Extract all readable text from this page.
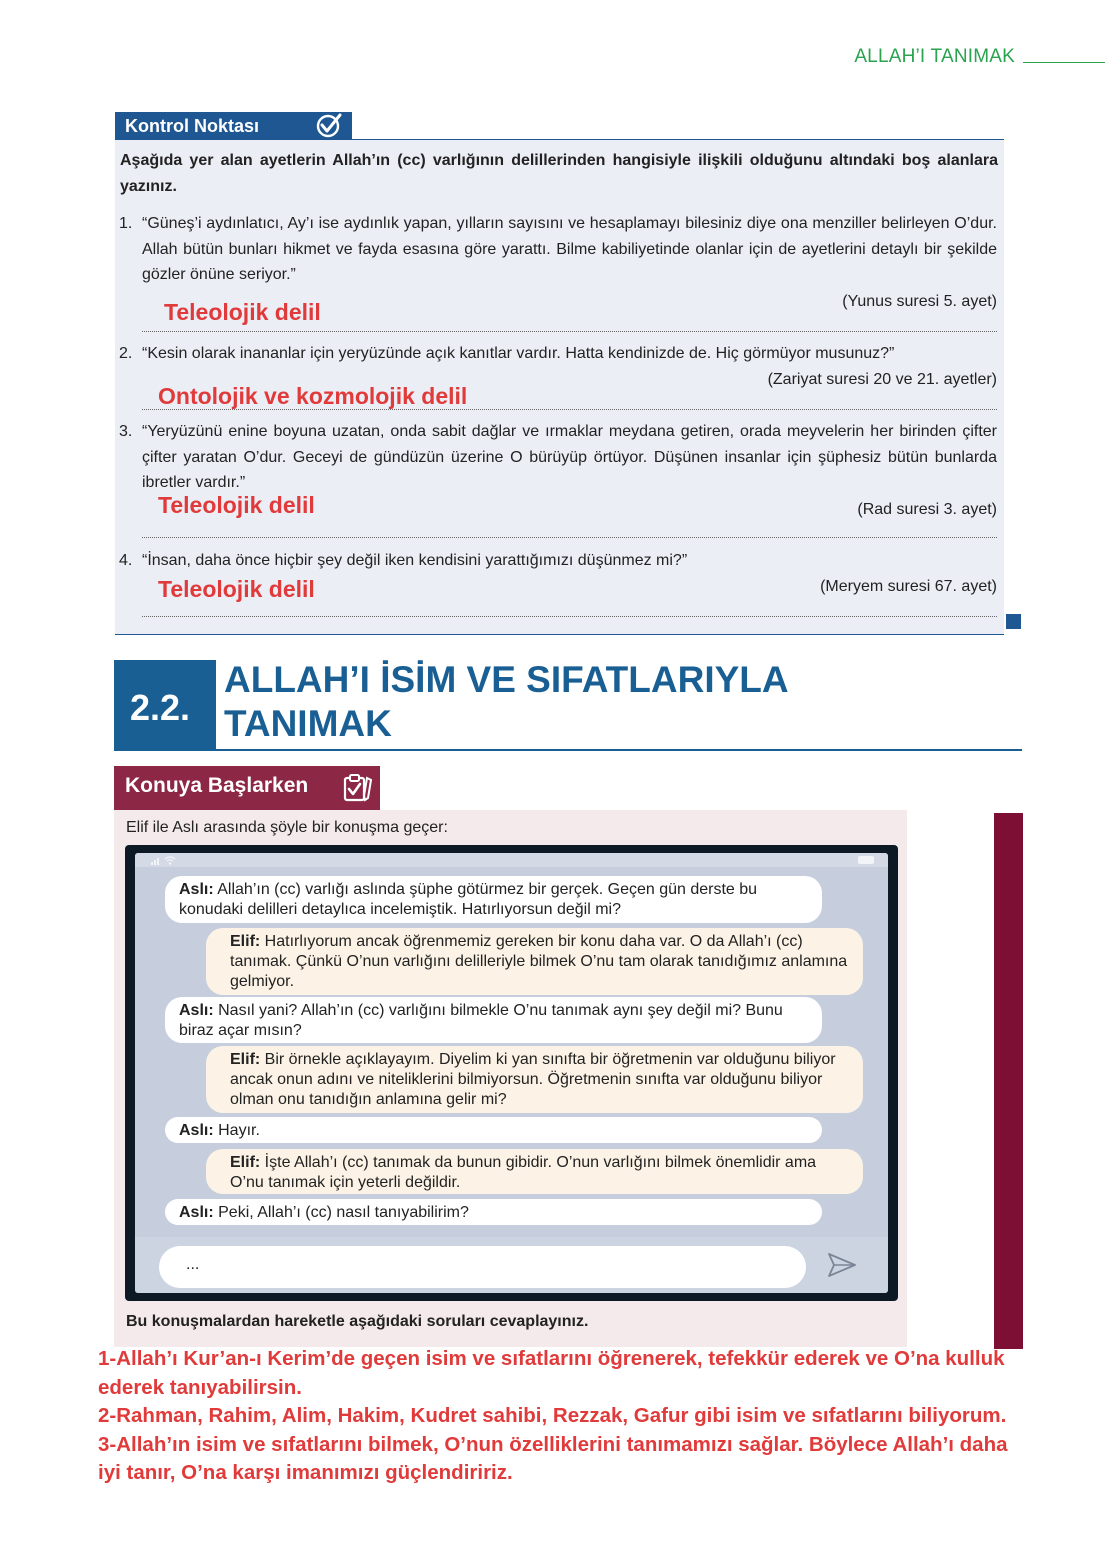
ALLAH’I TANIMAK
Kontrol Noktası
Aşağıda yer alan ayetlerin Allah’ın (cc) varlığının delillerinden hangisiyle ilişkili olduğunu altındaki boş alanlara yazınız.
1. “Güneş’i aydınlatıcı, Ay’ı ise aydınlık yapan, yılların sayısını ve hesaplamayı bilesiniz diye ona menziller belirleyen O’dur. Allah bütün bunları hikmet ve fayda esasına göre yarattı. Bilme kabiliyetinde olanlar için de ayetlerini detaylı bir şekilde gözler önüne seriyor.”
(Yunus suresi 5. ayet)
Teleolojik delil
2. “Kesin olarak inananlar için yeryüzünde açık kanıtlar vardır. Hatta kendinizde de. Hiç görmüyor musunuz?”
(Zariyat suresi 20 ve 21. ayetler)
Ontolojik ve kozmolojik delil
3. “Yeryüzünü enine boyuna uzatan, onda sabit dağlar ve ırmaklar meydana getiren, orada meyvelerin her birinden çifter çifter yaratan O’dur. Geceyi de gündüzün üzerine O bürüyüp örtüyor. Düşünen insanlar için şüphesiz bütün bunlarda ibretler vardır.”
(Rad suresi 3. ayet)
Teleolojik delil
4. “İnsan, daha önce hiçbir şey değil iken kendisini yarattığımızı düşünmez mi?”
(Meryem suresi 67. ayet)
Teleolojik delil
2.2.
ALLAH’I İSİM VE SIFATLARIYLA
TANIMAK
Konuya Başlarken
Elif ile Aslı arasında şöyle bir konuşma geçer:
Aslı: Allah’ın (cc) varlığı aslında şüphe götürmez bir gerçek. Geçen gün derste bu konudaki delilleri detaylıca incelemiştik. Hatırlıyorsun değil mi?
Elif: Hatırlıyorum ancak öğrenmemiz gereken bir konu daha var. O da Allah’ı (cc) tanımak. Çünkü O’nun varlığını delilleriyle bilmek O’nu tam olarak tanıdığımız anlamına gelmiyor.
Aslı: Nasıl yani? Allah’ın (cc) varlığını bilmekle O’nu tanımak aynı şey değil mi? Bunu biraz açar mısın?
Elif: Bir örnekle açıklayayım. Diyelim ki yan sınıfta bir öğretmenin var olduğunu biliyor ancak onun adını ve niteliklerini bilmiyorsun. Öğretmenin sınıfta var olduğunu biliyor olman onu tanıdığın anlamına gelir mi?
Aslı: Hayır.
Elif: İşte Allah’ı (cc) tanımak da bunun gibidir. O’nun varlığını bilmek önemlidir ama O’nu tanımak için yeterli değildir.
Aslı: Peki, Allah’ı (cc) nasıl tanıyabilirim?
...
Bu konuşmalardan hareketle aşağıdaki soruları cevaplayınız.

1-Allah’ı Kur’an-ı Kerim’de geçen isim ve sıfatlarını öğrenerek, tefekkür ederek ve O’na kulluk ederek tanıyabilirsin.

2-Rahman, Rahim, Alim, Hakim, Kudret sahibi, Rezzak, Gafur gibi isim ve sıfatlarını biliyorum.

3-Allah’ın isim ve sıfatlarını bilmek, O’nun özelliklerini tanımamızı sağlar. Böylece Allah’ı daha iyi tanır, O’na karşı imanımızı güçlendiririz.
